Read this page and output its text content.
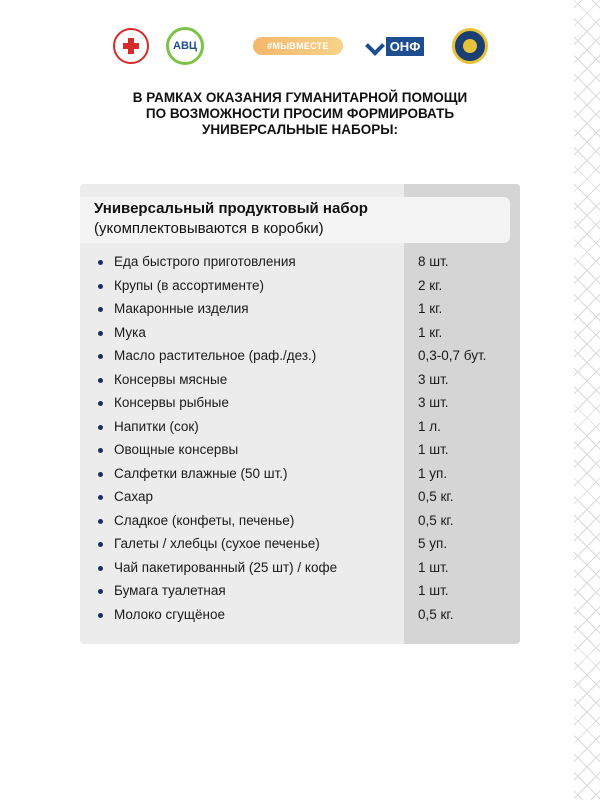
АВЦ	#МЫВМЕСТЕ	ОНФ
В РАМКАХ ОКАЗАНИЯ ГУМАНИТАРНОЙ ПОМОЩИ
ПО ВОЗМОЖНОСТИ ПРОСИМ ФОРМИРОВАТЬ
УНИВЕРСАЛЬНЫЕ НАБОРЫ:
Универсальный продуктовый набор
(укомплектовываются в коробки)
Еда быстрого приготовления	8 шт.
Крупы (в ассортименте)	2 кг.
Макаронные изделия	1 кг.
Мука	1 кг.
Масло растительное (раф./дез.)	0,3-0,7 бут.
Консервы мясные	3 шт.
Консервы рыбные	3 шт.
Напитки (сок)	1 л.
Овощные консервы	1 шт.
Салфетки влажные (50 шт.)	1 уп.
Сахар	0,5 кг.
Сладкое (конфеты, печенье)	0,5 кг.
Галеты / хлебцы (сухое печенье)	5 уп.
Чай пакетированный (25 шт) / кофе	1 шт.
Бумага туалетная	1 шт.
Молоко сгущёное	0,5 кг.
